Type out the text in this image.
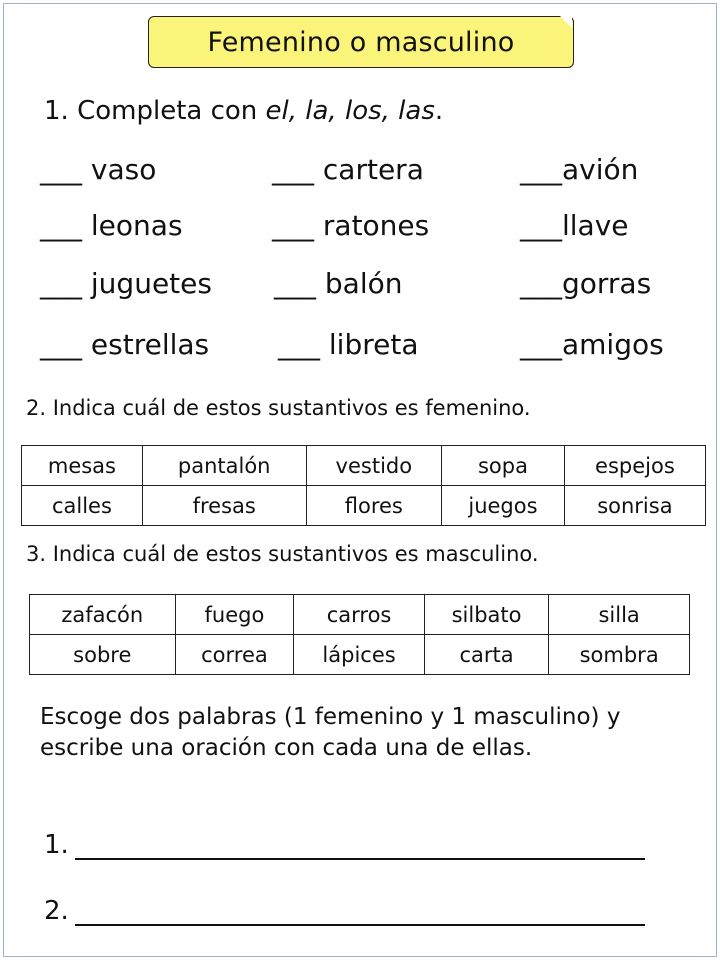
Femenino o masculino
1. Completa con el, la, los, las.
___ vaso	___ cartera	___avión
___ leonas	___ ratones	___llave
___ juguetes ___ balón	___gorras
___ estrellas ___ libreta	___amigos
2. Indica cuál de estos sustantivos es femenino.
mesas	pantalón	vestido	sopa	espejos
calles	fresas	flores	juegos	sonrisa
3. Indica cuál de estos sustantivos es masculino.
zafacón	fuego	carros	silbato	silla
sobre	correa	lápices	carta	sombra
Escoge dos palabras (1 femenino y 1 masculino) y escribe una oración con cada una de ellas.
1.
2.
